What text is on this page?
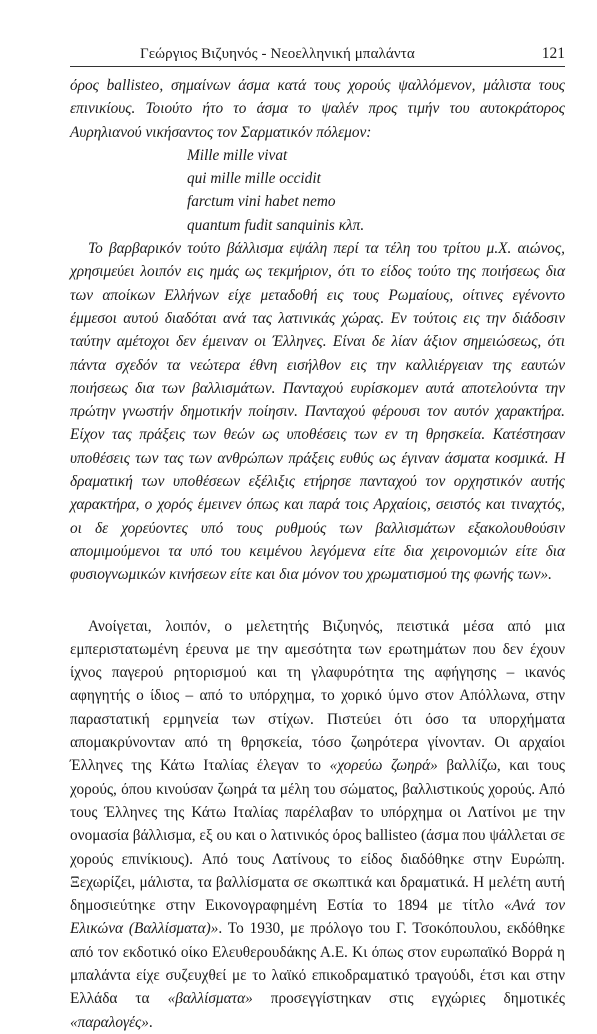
Γεώργιος Βιζυηνός - Νεοελληνική μπαλάντα	121

όρος ballisteo, σημαίνων άσμα κατά τους χορούς ψαλλόμενον, μάλιστα τους επινικίους. Τοιούτο ήτο το άσμα το ψαλέν προς τιμήν του αυτοκράτορος Αυρηλιανού νικήσαντος τον Σαρματικόν πόλεμον:

Mille mille vivat
qui mille mille occidit
farctum vini habet nemo
quantum fudit sanquinis κλπ.

Το βαρβαρικόν τούτο βάλλισμα εψάλη περί τα τέλη του τρίτου μ.Χ. αιώνος, χρησιμεύει λοιπόν εις ημάς ως τεκμήριον, ότι το είδος τούτο της ποιήσεως δια των αποίκων Ελλήνων είχε μεταδοθή εις τους Ρωμαίους, οίτινες εγένοντο έμμεσοι αυτού διαδόται ανά τας λατινικάς χώρας. Εν τούτοις εις την διάδοσιν ταύτην αμέτοχοι δεν έμειναν οι Έλληνες. Είναι δε λίαν άξιον σημειώσεως, ότι πάντα σχεδόν τα νεώτερα έθνη εισήλθον εις την καλλιέργειαν της εαυτών ποιήσεως δια των βαλλισμάτων. Πανταχού ευρίσκομεν αυτά αποτελούντα την πρώτην γνωστήν δημοτικήν ποίησιν. Πανταχού φέρουσι τον αυτόν χαρακτήρα. Είχον τας πράξεις των θεών ως υποθέσεις των εν τη θρησκεία. Κατέστησαν υποθέσεις των τας των ανθρώπων πράξεις ευθύς ως έγιναν άσματα κοσμικά. Η δραματική των υποθέσεων εξέλιξις ετήρησε πανταχού τον ορχηστικόν αυτής χαρακτήρα, ο χορός έμεινεν όπως και παρά τοις Αρχαίοις, σειστός και τιναχτός, οι δε χορεύοντες υπό τους ρυθμούς των βαλλισμάτων εξακολουθούσιν απομιμούμενοι τα υπό του κειμένου λεγόμενα είτε δια χειρονομιών είτε δια φυσιογνωμικών κινήσεων είτε και δια μόνον του χρωματισμού της φωνής των».

Ανοίγεται, λοιπόν, ο μελετητής Βιζυηνός, πειστικά μέσα από μια εμπεριστατωμένη έρευνα με την αμεσότητα των ερωτημάτων που δεν έχουν ίχνος παγερού ρητορισμού και τη γλαφυρότητα της αφήγησης – ικανός αφηγητής ο ίδιος – από το υπόρχημα, το χορικό ύμνο στον Απόλλωνα, στην παραστατική ερμηνεία των στίχων. Πιστεύει ότι όσο τα υπορχήματα απομακρύνονταν από τη θρησκεία, τόσο ζωηρότερα γίνονταν. Οι αρχαίοι Έλληνες της Κάτω Ιταλίας έλεγαν το «χορεύω ζωηρά» βαλλίζω, και τους χορούς, όπου κινούσαν ζωηρά τα μέλη του σώματος, βαλλιστικούς χορούς. Από τους Έλληνες της Κάτω Ιταλίας παρέλαβαν το υπόρχημα οι Λατίνοι με την ονομασία βάλλισμα, εξ ου και ο λατινικός όρος ballisteo (άσμα που ψάλλεται σε χορούς επινίκιους). Από τους Λατίνους το είδος διαδόθηκε στην Ευρώπη. Ξεχωρίζει, μάλιστα, τα βαλλίσματα σε σκωπτικά και δραματικά. Η μελέτη αυτή δημοσιεύτηκε στην Εικονογραφημένη Εστία το 1894 με τίτλο «Ανά τον Ελικώνα (Βαλλίσματα)». Το 1930, με πρόλογο του Γ. Τσοκόπουλου, εκδόθηκε από τον εκδοτικό οίκο Ελευθερουδάκης Α.Ε. Κι όπως στον ευρωπαϊκό Βορρά η μπαλάντα είχε συζευχθεί με το λαϊκό επικοδραματικό τραγούδι, έτσι και στην Ελλάδα τα «βαλλίσματα» προσεγγίστηκαν στις εγχώριες δημοτικές «παραλογές».
